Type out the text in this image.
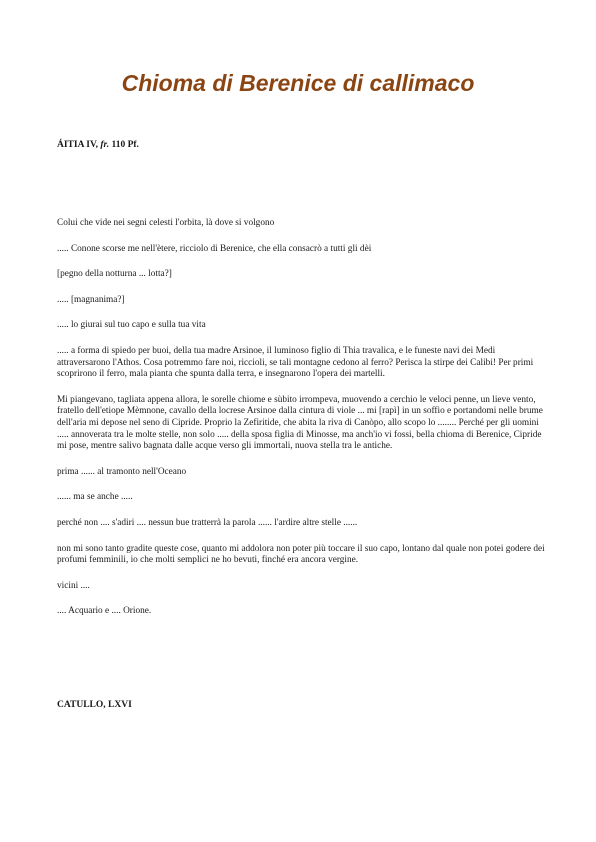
Chioma di Berenice di callimaco

ÁITIA IV, fr. 110 Pf.

Colui che vide nei segni celesti l'orbita, là dove si volgono

..... Conone scorse me nell'ètere, ricciolo di Berenice, che ella consacrò a tutti gli dèi

[pegno della notturna ... lotta?]

..... [magnanima?]

..... lo giurai sul tuo capo e sulla tua vita

..... a forma di spiedo per buoi, della tua madre Arsinoe, il luminoso figlio di Thia travalica, e le funeste navi dei Medi attraversarono l'Athos. Cosa potremmo fare noi, riccioli, se tali montagne cedono al ferro? Perisca la stirpe dei Calibi! Per primi scoprirono il ferro, mala pianta che spunta dalla terra, e insegnarono l'opera dei martelli.

Mi piangevano, tagliata appena allora, le sorelle chiome e sùbito irrompeva, muovendo a cerchio le veloci penne, un lieve vento, fratello dell'etiope Mèmnone, cavallo della locrese Arsinoe dalla cintura di viole ... mi [rapì] in un soffio e portandomi nelle brume dell'aria mi depose nel seno di Cipride. Proprio la Zefiritide, che abita la riva di Canòpo, allo scopo lo ........ Perché per gli uomini ..... annoverata tra le molte stelle, non solo ..... della sposa figlia di Minosse, ma anch'io vi fossi, bella chioma di Berenice, Cipride mi pose, mentre salivo bagnata dalle acque verso gli immortali, nuova stella tra le antiche.

prima ...... al tramonto nell'Oceano

...... ma se anche .....

perché non .... s'adiri .... nessun bue tratterrà la parola ...... l'ardire altre stelle ......

non mi sono tanto gradite queste cose, quanto mi addolora non poter più toccare il suo capo, lontano dal quale non potei godere dei profumi femminili, io che molti semplici ne ho bevuti, finché era ancora vergine.

vicini ....

.... Acquario e .... Orione.

CATULLO, LXVI
